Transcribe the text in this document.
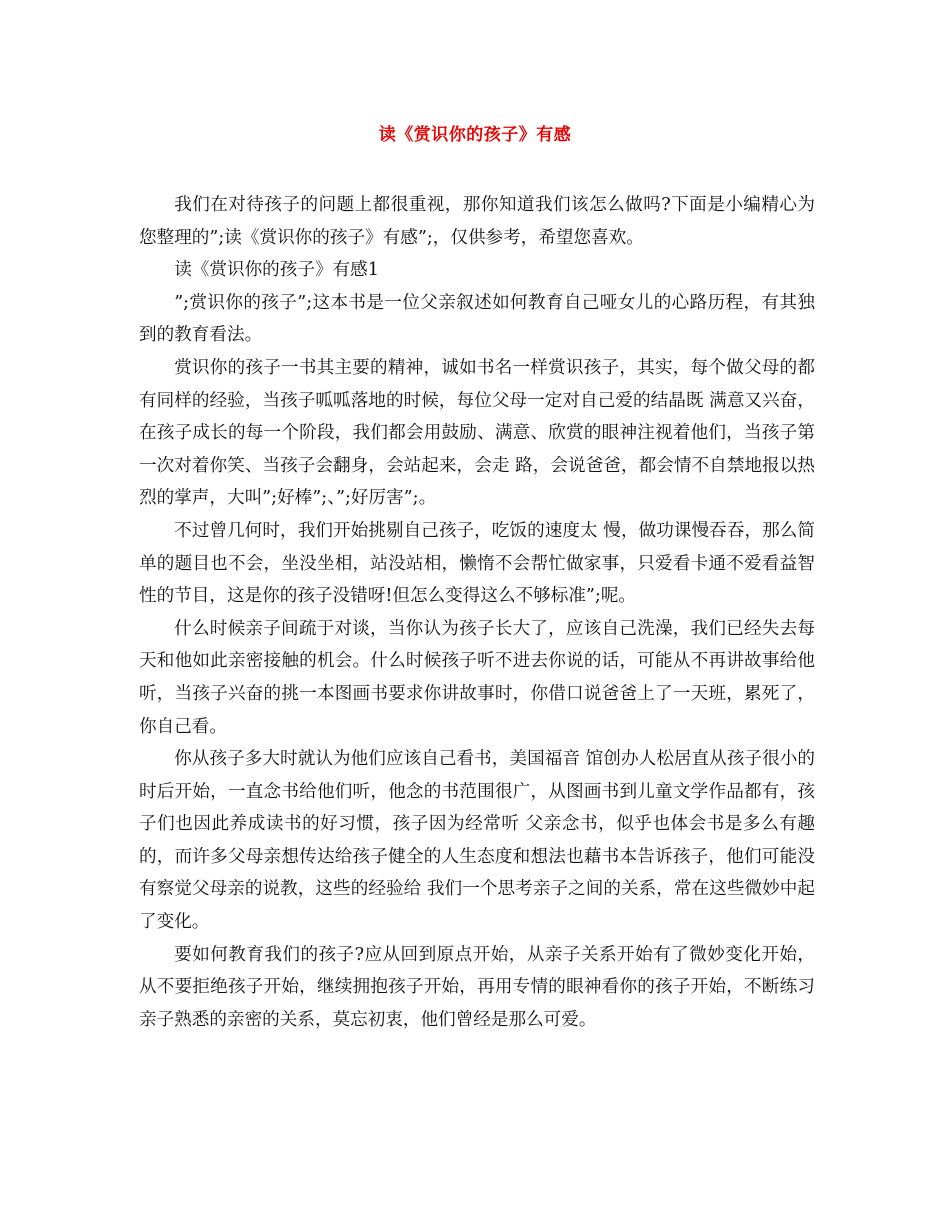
读《赏识你的孩子》有感

我们在对待孩子的问题上都很重视，那你知道我们该怎么做吗?下面是小编精心为您整理的”;读《赏识你的孩子》有感”;，仅供参考，希望您喜欢。

读《赏识你的孩子》有感1

”;赏识你的孩子”;这本书是一位父亲叙述如何教育自己哑女儿的心路历程，有其独到的教育看法。

赏识你的孩子一书其主要的精神，诚如书名一样赏识孩子，其实，每个做父母的都有同样的经验，当孩子呱呱落地的时候，每位父母一定对自己爱的结晶既 满意又兴奋，在孩子成长的每一个阶段，我们都会用鼓励、满意、欣赏的眼神注视着他们，当孩子第一次对着你笑、当孩子会翻身，会站起来，会走 路，会说爸爸，都会情不自禁地报以热烈的掌声，大叫”;好棒”;、”;好厉害”;。

不过曾几何时，我们开始挑剔自己孩子，吃饭的速度太 慢，做功课慢吞吞，那么简单的题目也不会，坐没坐相，站没站相，懒惰不会帮忙做家事，只爱看卡通不爱看益智性的节目，这是你的孩子没错呀!但怎么变得这么不够标准”;呢。

什么时候亲子间疏于对谈，当你认为孩子长大了，应该自己洗澡，我们已经失去每天和他如此亲密接触的机会。什么时候孩子听不进去你说的话，可能从不再讲故事给他听，当孩子兴奋的挑一本图画书要求你讲故事时，你借口说爸爸上了一天班，累死了，你自己看。

你从孩子多大时就认为他们应该自己看书，美国福音 馆创办人松居直从孩子很小的时后开始，一直念书给他们听，他念的书范围很广，从图画书到儿童文学作品都有，孩子们也因此养成读书的好习惯，孩子因为经常听 父亲念书，似乎也体会书是多么有趣的，而许多父母亲想传达给孩子健全的人生态度和想法也藉书本告诉孩子，他们可能没有察觉父母亲的说教，这些的经验给 我们一个思考亲子之间的关系，常在这些微妙中起了变化。

要如何教育我们的孩子?应从回到原点开始，从亲子关系开始有了微妙变化开始，从不要拒绝孩子开始，继续拥抱孩子开始，再用专情的眼神看你的孩子开始，不断练习亲子熟悉的亲密的关系，莫忘初衷，他们曾经是那么可爱。
